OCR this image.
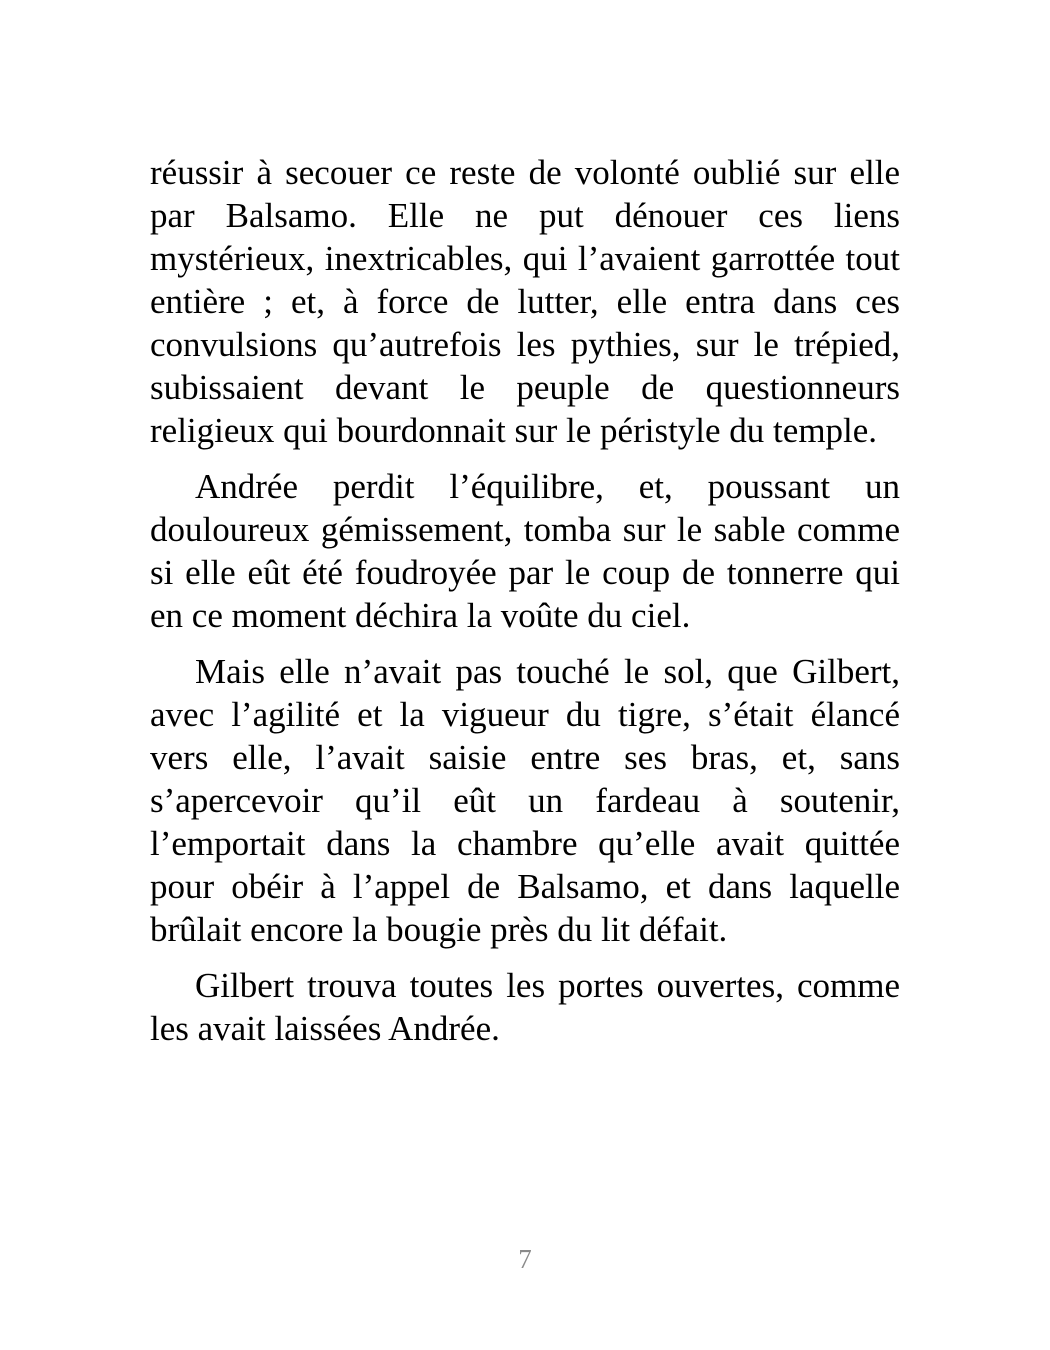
réussir à secouer ce reste de volonté oublié sur elle par Balsamo. Elle ne put dénouer ces liens mystérieux, inextricables, qui l’avaient garrottée tout entière ; et, à force de lutter, elle entra dans ces convulsions qu’autrefois les pythies, sur le trépied, subissaient devant le peuple de questionneurs religieux qui bourdonnait sur le péristyle du temple.

Andrée perdit l’équilibre, et, poussant un douloureux gémissement, tomba sur le sable comme si elle eût été foudroyée par le coup de tonnerre qui en ce moment déchira la voûte du ciel.

Mais elle n’avait pas touché le sol, que Gilbert, avec l’agilité et la vigueur du tigre, s’était élancé vers elle, l’avait saisie entre ses bras, et, sans s’apercevoir qu’il eût un fardeau à soutenir, l’emportait dans la chambre qu’elle avait quittée pour obéir à l’appel de Balsamo, et dans laquelle brûlait encore la bougie près du lit défait.

Gilbert trouva toutes les portes ouvertes, comme les avait laissées Andrée.

7
